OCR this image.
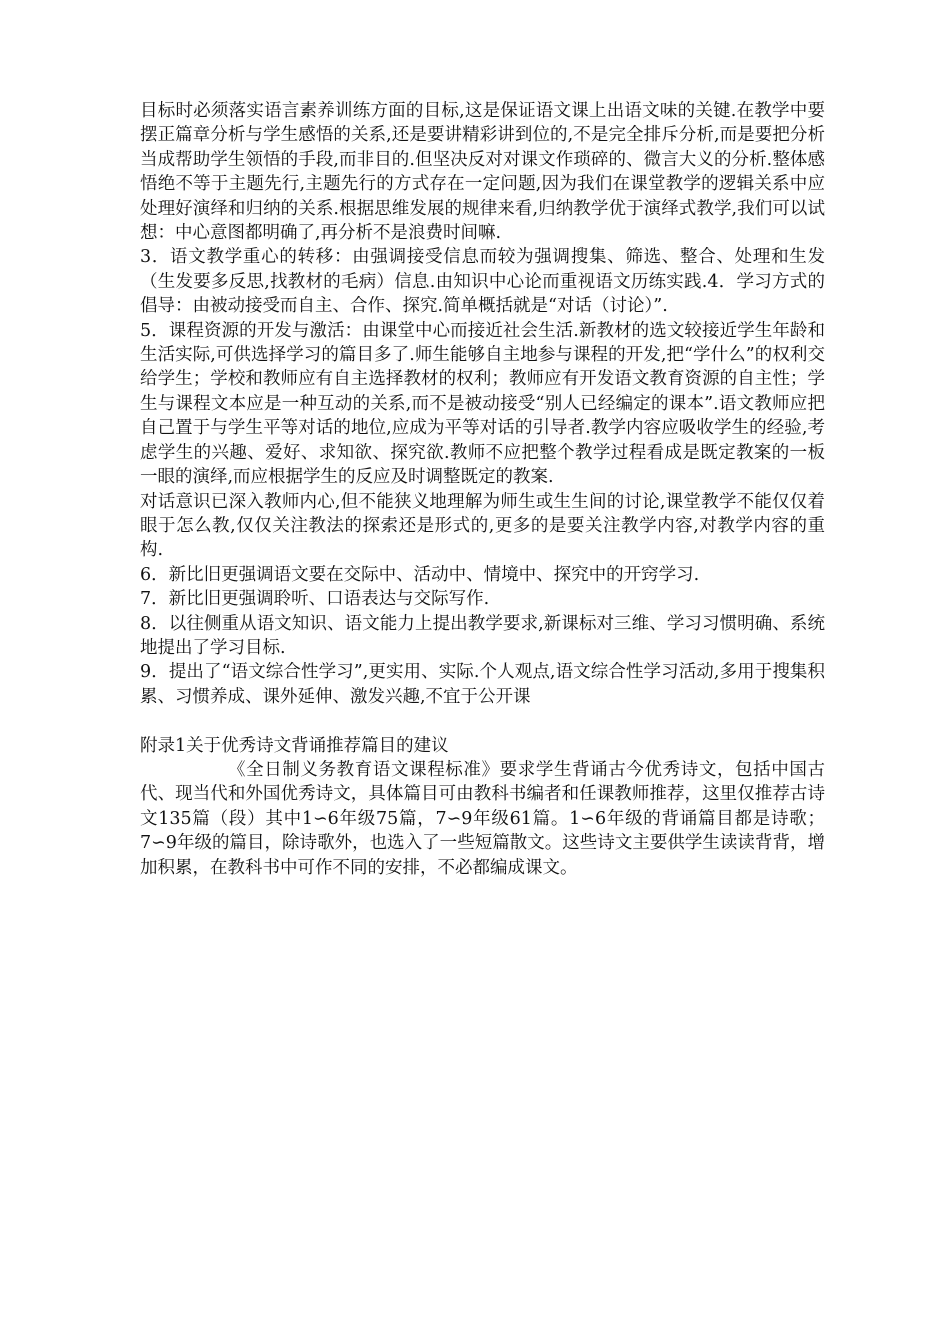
目标时必须落实语言素养训练方面的目标,这是保证语文课上出语文味的关键.在教学中要摆正篇章分析与学生感悟的关系,还是要讲精彩讲到位的,不是完全排斥分析,而是要把分析当成帮助学生领悟的手段,而非目的.但坚决反对对课文作琐碎的、微言大义的分析.整体感悟绝不等于主题先行,主题先行的方式存在一定问题,因为我们在课堂教学的逻辑关系中应处理好演绎和归纳的关系.根据思维发展的规律来看,归纳教学优于演绎式教学,我们可以试想：中心意图都明确了,再分析不是浪费时间嘛.

3．语文教学重心的转移：由强调接受信息而较为强调搜集、筛选、整合、处理和生发（生发要多反思,找教材的毛病）信息.由知识中心论而重视语文历练实践.4．学习方式的倡导：由被动接受而自主、合作、探究.简单概括就是“对话（讨论）”.

5．课程资源的开发与激活：由课堂中心而接近社会生活.新教材的选文较接近学生年龄和生活实际,可供选择学习的篇目多了.师生能够自主地参与课程的开发,把“学什么”的权利交给学生；学校和教师应有自主选择教材的权利；教师应有开发语文教育资源的自主性；学生与课程文本应是一种互动的关系,而不是被动接受“别人已经编定的课本”.语文教师应把自己置于与学生平等对话的地位,应成为平等对话的引导者.教学内容应吸收学生的经验,考虑学生的兴趣、爱好、求知欲、探究欲.教师不应把整个教学过程看成是既定教案的一板一眼的演绎,而应根据学生的反应及时调整既定的教案.

对话意识已深入教师内心,但不能狭义地理解为师生或生生间的讨论,课堂教学不能仅仅着眼于怎么教,仅仅关注教法的探索还是形式的,更多的是要关注教学内容,对教学内容的重构.

6．新比旧更强调语文要在交际中、活动中、情境中、探究中的开窍学习.

7．新比旧更强调聆听、口语表达与交际写作.

8．以往侧重从语文知识、语文能力上提出教学要求,新课标对三维、学习习惯明确、系统地提出了学习目标.

9．提出了“语文综合性学习”,更实用、实际.个人观点,语文综合性学习活动,多用于搜集积累、习惯养成、课外延伸、激发兴趣,不宜于公开课

附录1关于优秀诗文背诵推荐篇目的建议

《全日制义务教育语文课程标准》要求学生背诵古今优秀诗文，包括中国古代、现当代和外国优秀诗文，具体篇目可由教科书编者和任课教师推荐，这里仅推荐古诗文135篇（段）其中1∽6年级75篇，7∽9年级61篇。1∽6年级的背诵篇目都是诗歌；7∽9年级的篇目，除诗歌外，也选入了一些短篇散文。这些诗文主要供学生读读背背，增加积累，在教科书中可作不同的安排，不必都编成课文。
